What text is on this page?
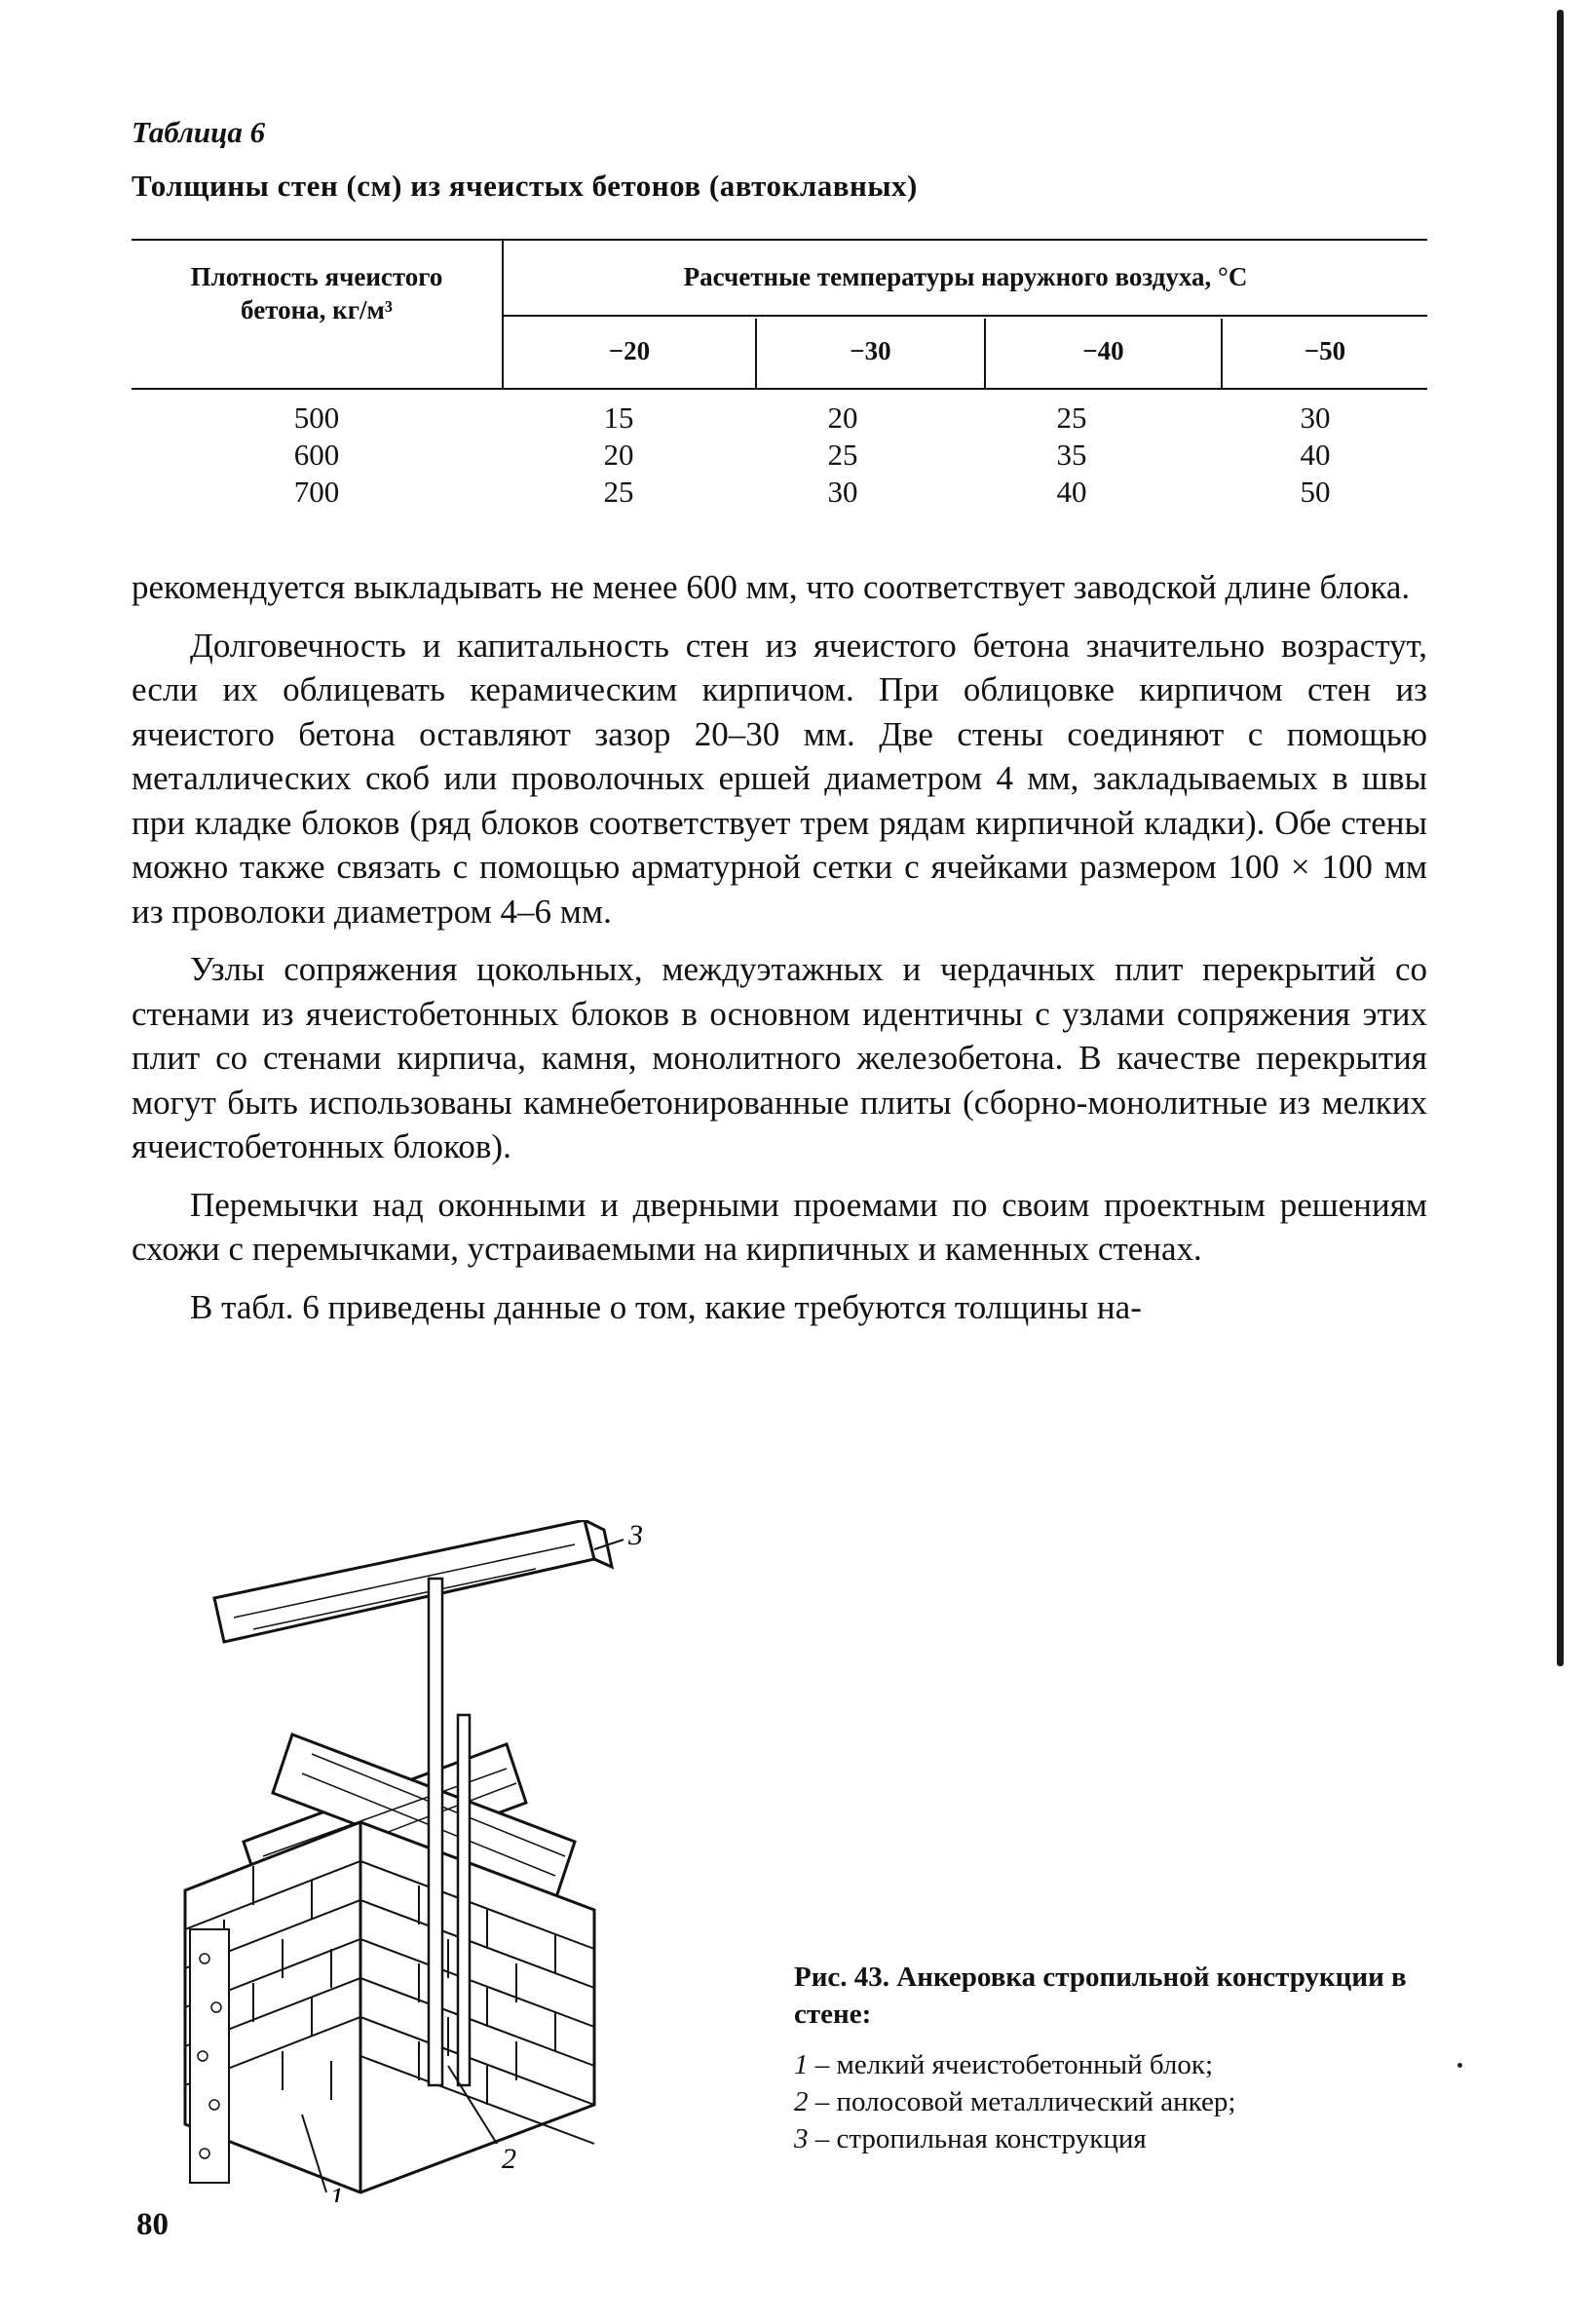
Таблица 6
Толщины стен (см) из ячеистых бетонов (автоклавных)
Плотность ячеистого
бетона, кг/м³
Расчетные температуры наружного воздуха, °С
−20	−30	−40	−50
500	15	20	25	30
600	20	25	35	40
700	25	30	40	50

рекомендуется выкладывать не менее 600 мм, что соответствует заводской длине блока.

Долговечность и капитальность стен из ячеистого бетона значительно возрастут, если их облицевать керамическим кирпичом. При облицовке кирпичом стен из ячеистого бетона оставляют зазор 20–30 мм. Две стены соединяют с помощью металлических скоб или проволочных ершей диаметром 4 мм, закладываемых в швы при кладке блоков (ряд блоков соответствует трем рядам кирпичной кладки). Обе стены можно также связать с помощью арматурной сетки с ячейками размером 100 × 100 мм из проволоки диаметром 4–6 мм.

Узлы сопряжения цокольных, междуэтажных и чердачных плит перекрытий со стенами из ячеистобетонных блоков в основном идентичны с узлами сопряжения этих плит со стенами кирпича, камня, монолитного железобетона. В качестве перекрытия могут быть использованы камнебетонированные плиты (сборно-монолитные из мелких ячеистобетонных блоков).

Перемычки над оконными и дверными проемами по своим проектным решениям схожи с перемычками, устраиваемыми на кирпичных и каменных стенах.

В табл. 6 приведены данные о том, какие требуются толщины на-

3
2
1
Рис. 43. Анкеровка стропильной конструкции в стене:

1 – мелкий ячеистобетонный блок;

2 – полосовой металлический анкер;

3 – стропильная конструкция

80
